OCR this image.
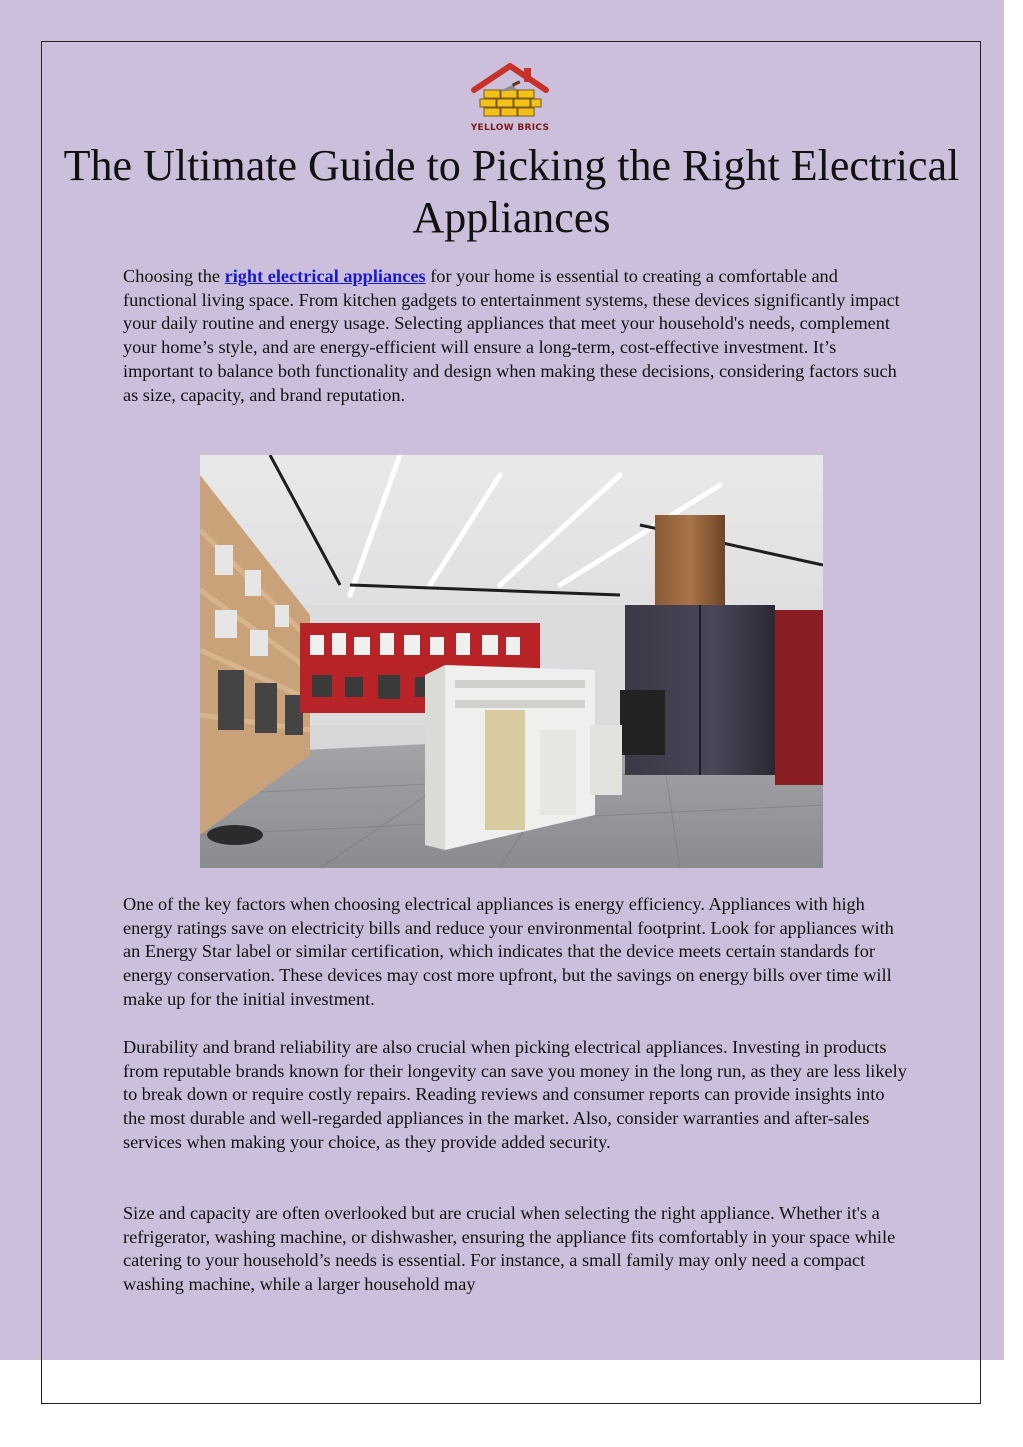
YELLOW BRICS
The Ultimate Guide to Picking the Right Electrical Appliances

Choosing the right electrical appliances for your home is essential to creating a comfortable and functional living space. From kitchen gadgets to entertainment systems, these devices significantly impact your daily routine and energy usage. Selecting appliances that meet your household's needs, complement your home’s style, and are energy-efficient will ensure a long-term, cost-effective investment. It’s important to balance both functionality and design when making these decisions, considering factors such as size, capacity, and brand reputation.

One of the key factors when choosing electrical appliances is energy efficiency. Appliances with high energy ratings save on electricity bills and reduce your environmental footprint. Look for appliances with an Energy Star label or similar certification, which indicates that the device meets certain standards for energy conservation. These devices may cost more upfront, but the savings on energy bills over time will make up for the initial investment.

Durability and brand reliability are also crucial when picking electrical appliances. Investing in products from reputable brands known for their longevity can save you money in the long run, as they are less likely to break down or require costly repairs. Reading reviews and consumer reports can provide insights into the most durable and well-regarded appliances in the market. Also, consider warranties and after-sales services when making your choice, as they provide added security.

Size and capacity are often overlooked but are crucial when selecting the right appliance. Whether it's a refrigerator, washing machine, or dishwasher, ensuring the appliance fits comfortably in your space while catering to your household’s needs is essential. For instance, a small family may only need a compact washing machine, while a larger household may
